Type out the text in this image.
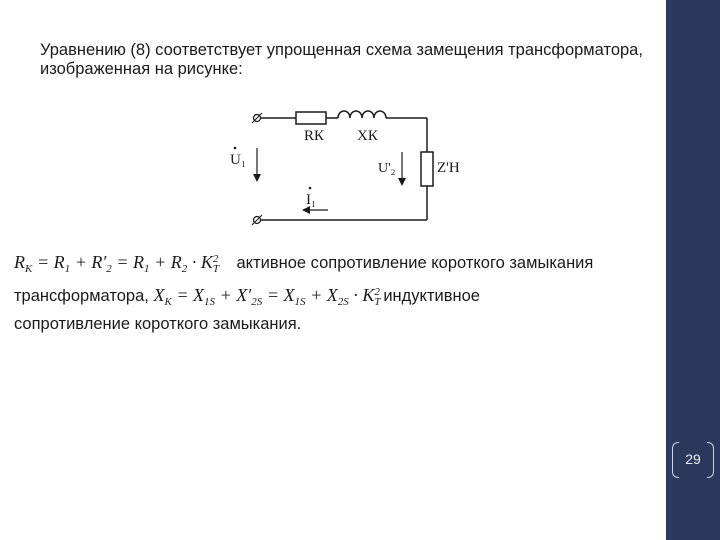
Уравнению (8) соответствует упрощенная схема замещения трансформатора, изображенная на рисунке:

RК XК
U'₂	Z'Н
U₁
I₁
$R_K = R_1 + R'_2 = R_1 + R_2 \cdot K$ 2
T активное сопротивление короткого замыкания
трансформатора, $X_K = X_{1S} + X'_{2S} = X_{1S} + X_{2S} \cdot K$ 2
T индуктивное
сопротивление короткого замыкания.
29
